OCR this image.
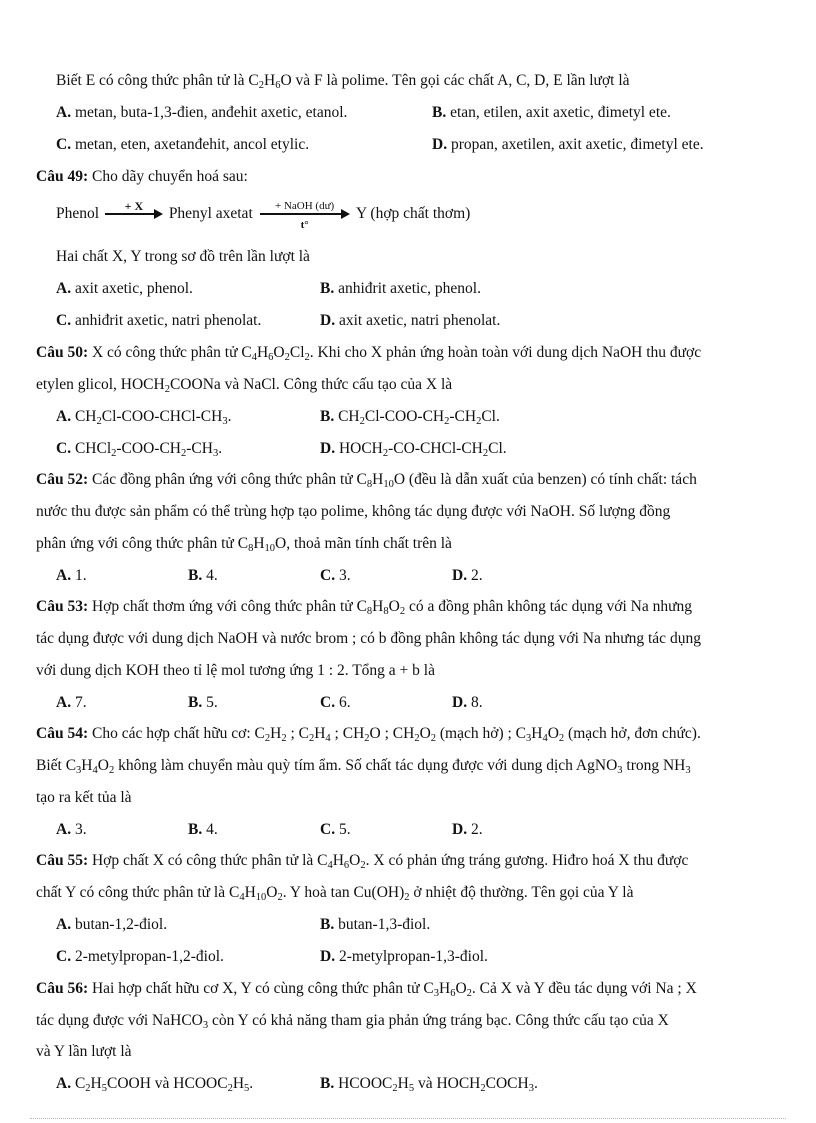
Biết E có công thức phân tử là $C_2H_6O$ và F là polime. Tên gọi các chất A, C, D, E lần lượt là
A. metan, buta-1,3-đien, anđehit axetic, etanol.	B. etan, etilen, axit axetic, đimetyl ete.
C. metan, eten, axetanđehit, ancol etylic.	D. propan, axetilen, axit axetic, đimetyl ete.
Câu 49: Cho dãy chuyển hoá sau:
Phenol	+ X	Phenyl axetat	+ NaOH (dư)
t°
Y (hợp chất thơm)
Hai chất X, Y trong sơ đồ trên lần lượt là
A. axit axetic, phenol.	B. anhiđrit axetic, phenol.
C. anhiđrit axetic, natri phenolat.	D. axit axetic, natri phenolat.
Câu 50: X có công thức phân tử $C_4H_6O_2Cl_2$. Khi cho X phản ứng hoàn toàn với dung dịch NaOH thu được
etylen glicol, $HOCH_2COONa$ và NaCl. Công thức cấu tạo của X là
A. $CH_2Cl-COO-CHCl-CH_3$.	B. $CH_2Cl-COO-CH_2-CH_2Cl$.
C. $CHCl_2-COO-CH_2-CH_3$.	D. $HOCH_2-CO-CHCl-CH_2Cl$.
Câu 52: Các đồng phân ứng với công thức phân tử $C_8H_{10}O$ (đều là dẫn xuất của benzen) có tính chất: tách
nước thu được sản phẩm có thể trùng hợp tạo polime, không tác dụng được với NaOH. Số lượng đồng
phân ứng với công thức phân tử $C_8H_{10}O$, thoả mãn tính chất trên là
A. 1.	B. 4.	C. 3.	D. 2.
Câu 53: Hợp chất thơm ứng với công thức phân tử $C_8H_8O_2$ có a đồng phân không tác dụng với Na nhưng
tác dụng được với dung dịch NaOH và nước brom ; có b đồng phân không tác dụng với Na nhưng tác dụng
với dung dịch KOH theo tỉ lệ mol tương ứng 1 : 2. Tổng a + b là
A. 7.	B. 5.	C. 6.	D. 8.
Câu 54: Cho các hợp chất hữu cơ: $C_2H_2$ ; $C_2H_4$ ; $CH_2O$ ; $CH_2O_2$ (mạch hở) ; $C_3H_4O_2$ (mạch hở, đơn chức).
Biết $C_3H_4O_2$ không làm chuyển màu quỳ tím ẩm. Số chất tác dụng được với dung dịch AgNO$_3$ trong $NH_3$
tạo ra kết tủa là
A. 3.	B. 4.	C. 5.	D. 2.
Câu 55: Hợp chất X có công thức phân tử là $C_4H_6O_2$. X có phản ứng tráng gương. Hiđro hoá X thu được
chất Y có công thức phân tử là $C_4H_{10}O_2$. Y hoà $\tan Cu(OH)_2$ ở nhiệt độ thường. Tên gọi của Y là
A. butan-1,2-điol.	B. butan-1,3-điol.
C. 2-metylpropan-1,2-điol.	D. 2-metylpropan-1,3-điol.
Câu 56: Hai hợp chất hữu cơ X, Y có cùng công thức phân tử $C_3H_6O_2$. Cả X và Y đều tác dụng với Na ; X
tác dụng được với NaHCO$_3$ còn Y có khả năng tham gia phản ứng tráng bạc. Công thức cấu tạo của X
và Y lần lượt là
A. $C_2H_5COOH$ và $HCOOC_2H_5$.	B. $HCOOC_2H_5$ và $HOCH_2COCH_3$.
